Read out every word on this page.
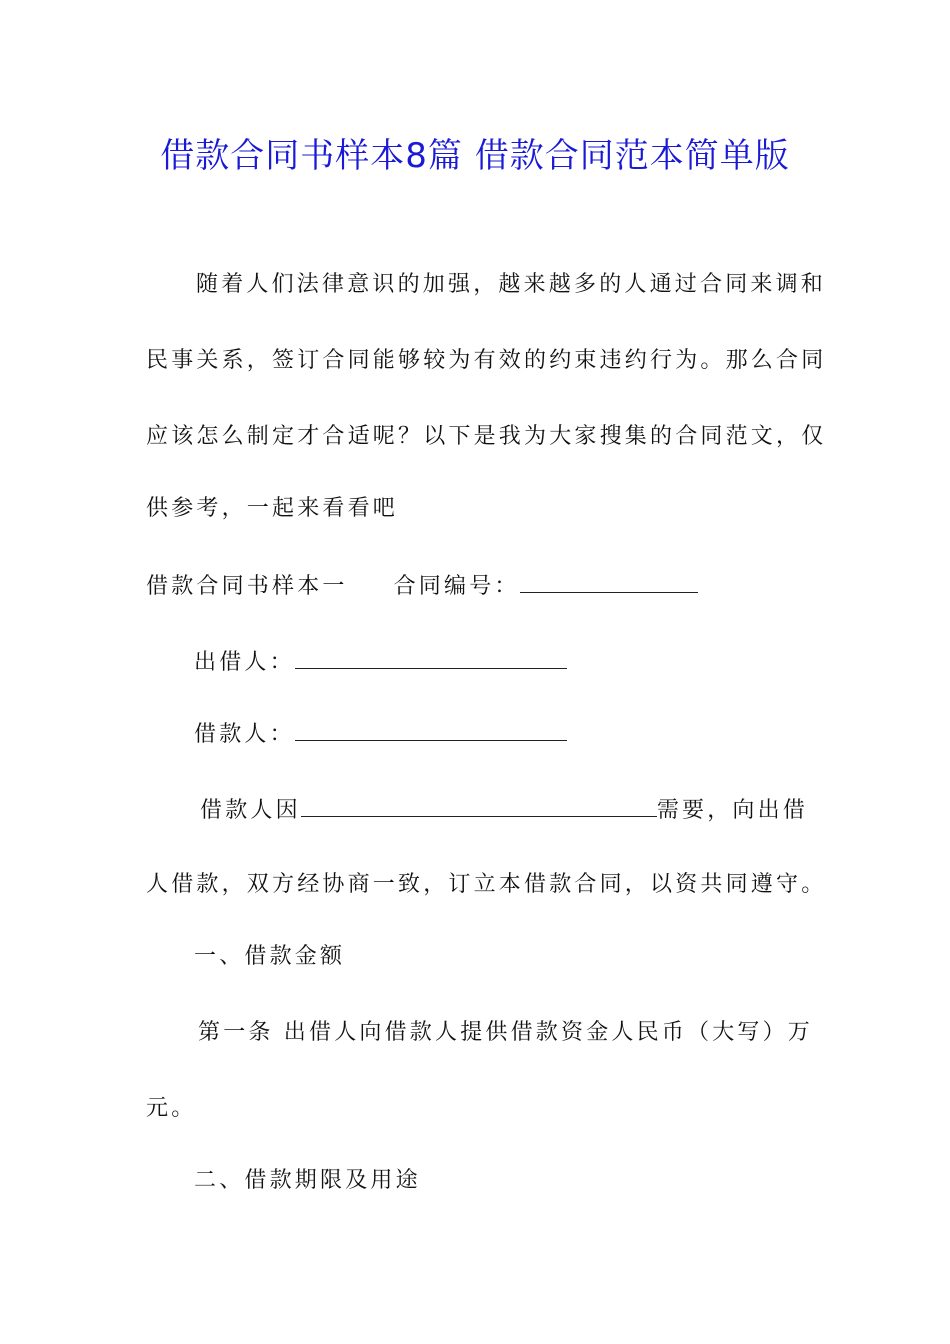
借款合同书样本8篇 借款合同范本简单版
随着人们法律意识的加强，越来越多的人通过合同来调和
民事关系，签订合同能够较为有效的约束违约行为。那么合同
应该怎么制定才合适呢？以下是我为大家搜集的合同范文，仅
供参考，一起来看看吧
借款合同书样本一 合同编号：
出借人：
借款人：
借款人因	需要，向出借
人借款，双方经协商一致，订立本借款合同，以资共同遵守。
一、借款金额
第一条 出借人向借款人提供借款资金人民币（大写） 万
元。
二、借款期限及用途
